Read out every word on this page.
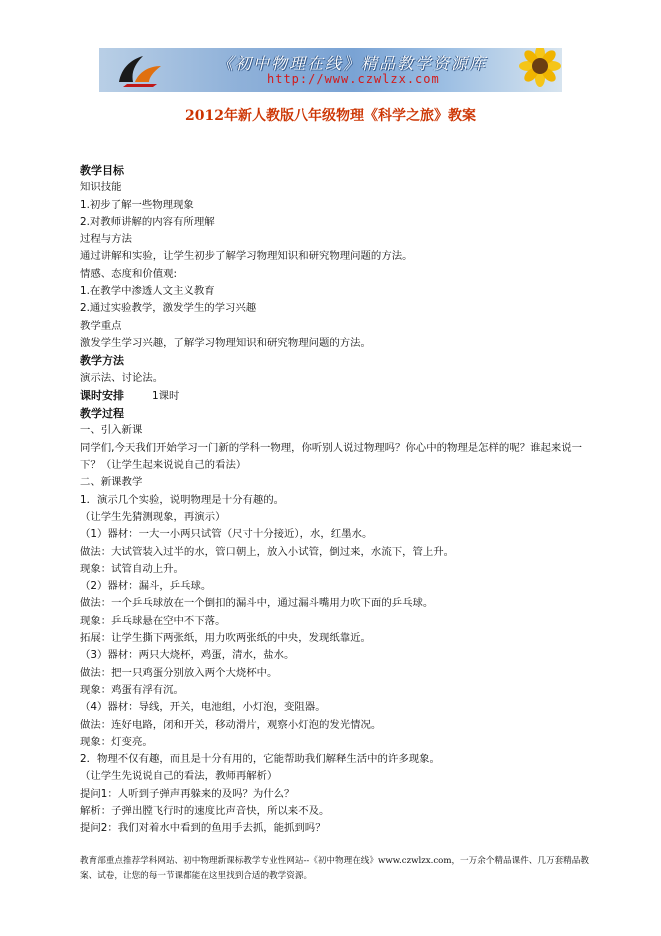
《初中物理在线》精品教学资源库
http://www.czwlzx.com
2012年新人教版八年级物理《科学之旅》教案
教学目标
知识技能
1.初步了解一些物理现象
2.对教师讲解的内容有所理解
过程与方法
通过讲解和实验，让学生初步了解学习物理知识和研究物理问题的方法。
情感、态度和价值观:
1.在教学中渗透人文主义教育
2.通过实验教学，激发学生的学习兴趣
教学重点
激发学生学习兴趣，了解学习物理知识和研究物理问题的方法。
教学方法
演示法、讨论法。
课时安排	1课时
教学过程
一、引入新课
同学们,今天我们开始学习一门新的学科一物理，你听别人说过物理吗？你心中的物理是怎样的呢？谁起来说一下？（让学生起来说说自己的看法）
二、新课教学
1．演示几个实验，说明物理是十分有趣的。
（让学生先猜测现象，再演示）
（1）器材：一大一小两只试管（尺寸十分接近），水，红墨水。
做法：大试管装入过半的水，管口朝上，放入小试管，倒过来，水流下，管上升。
现象：试管自动上升。
（2）器材：漏斗，乒乓球。
做法：一个乒乓球放在一个倒扣的漏斗中，通过漏斗嘴用力吹下面的乒乓球。
现象：乒乓球悬在空中不下落。
拓展：让学生撕下两张纸，用力吹两张纸的中央，发现纸靠近。
（3）器材：两只大烧杯，鸡蛋，清水，盐水。
做法：把一只鸡蛋分别放入两个大烧杯中。
现象：鸡蛋有浮有沉。
（4）器材：导线，开关，电池组，小灯泡，变阻器。
做法：连好电路，闭和开关，移动滑片，观察小灯泡的发光情况。
现象：灯变亮。
2．物理不仅有趣，而且是十分有用的，它能帮助我们解释生活中的许多现象。
（让学生先说说自己的看法，教师再解析）
提问1：人听到子弹声再躲来的及吗？为什么？
解析：子弹出膛飞行时的速度比声音快，所以来不及。
提问2：我们对着水中看到的鱼用手去抓，能抓到吗？
教育部重点推荐学科网站、初中物理新课标教学专业性网站--《初中物理在线》www.czwlzx.com，一万余个精品课件、几万套精品教案、试卷，让您的每一节课都能在这里找到合适的教学资源。
